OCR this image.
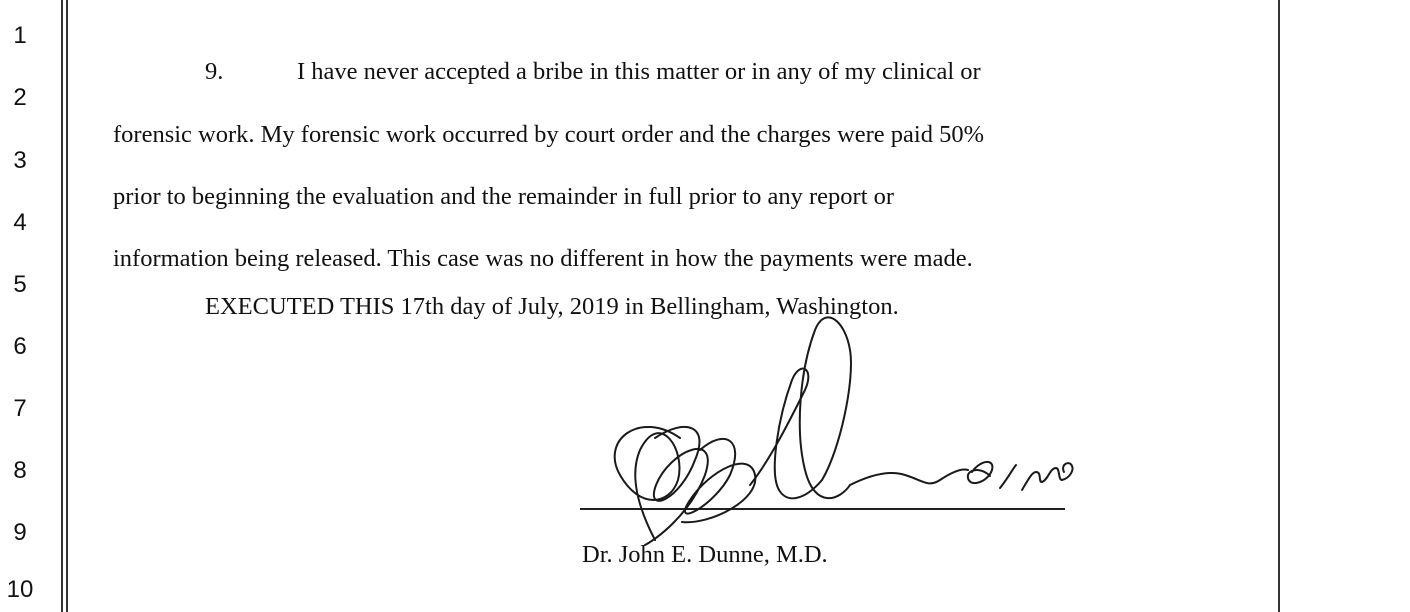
1
2
3
4
5
6
7
8
9
10
9.	I have never accepted a bribe in this matter or in any of my clinical or
forensic work. My forensic work occurred by court order and the charges were paid 50%
prior to beginning the evaluation and the remainder in full prior to any report or
information being released. This case was no different in how the payments were made.
EXECUTED THIS 17th day of July, 2019 in Bellingham, Washington.
Dr. John E. Dunne, M.D.
